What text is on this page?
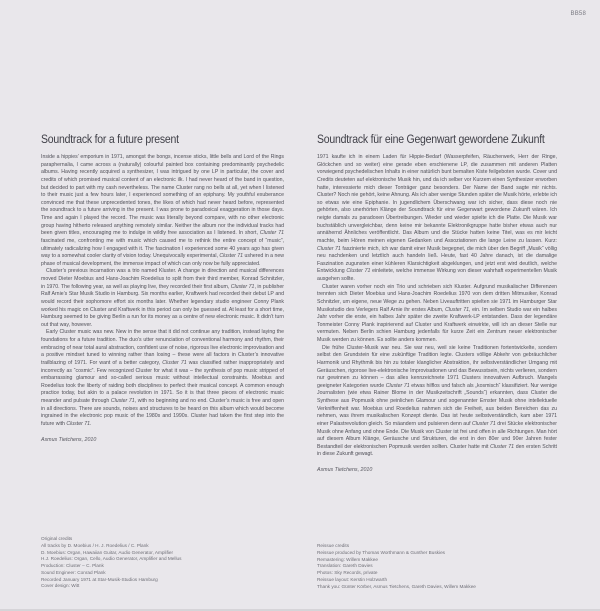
BB58
Soundtrack for a future present

Inside a hippies’ emporium in 1971, amongst the bongs, incense sticks, little bells and Lord of the Rings paraphernalia, I came across a (naturally) colourful painted box containing predominantly psychedelic albums. Having recently acquired a synthesizer, I was intrigued by one LP in particular, the cover and credits of which promised musical content of an electronic ilk. I had never heard of the band in question, but decided to part with my cash nevertheless. The name Cluster rang no bells at all, yet when I listened to their music just a few hours later, I experienced something of an epiphany. My youthful exuberance convinced me that these unprecedented tones, the likes of which had never heard before, represented the soundtrack to a future arriving in the present. I was prone to paradoxical exaggeration in those days. Time and again I played the record. The music was literally beyond compare, with no other electronic group having hitherto released anything remotely similar. Neither the album nor the individual tracks had been given titles, encouraging me to indulge in wildly free association as I listened. In short, Cluster 71 fascinated me, confronting me with music which caused me to rethink the entire concept of “music”, ultimately radicalizing how I engaged with it. The fascination I experienced some 40 years ago has given way to a somewhat cooler clarity of vision today. Unequivocally experimental, Cluster 71 ushered in a new phase of musical development, the immense impact of which can only now be fully appreciated.

Cluster’s previous incarnation was a trio named Kluster. A change in direction and musical differences moved Dieter Moebius and Hans-Joachim Roedelius to split from their third member, Konrad Schnitzler, in 1970. The following year, as well as playing live, they recorded their first album, Cluster 71, in publisher Ralf Arnie’s Star Musik Studio in Hamburg. Six months earlier, Kraftwerk had recorded their debut LP and would record their sophomore effort six months later. Whether legendary studio engineer Conny Plank worked his magic on Cluster and Kraftwerk in this period can only be guessed at. At least for a short time, Hamburg seemed to be giving Berlin a run for its money as a centre of new electronic music. It didn’t turn out that way, however.

Early Cluster music was new. New in the sense that it did not continue any tradition, instead laying the foundations for a future tradition. The duo’s utter renunciation of conventional harmony and rhythm, their embracing of near total aural abstraction, confident use of noise, rigorous live electronic improvisation and a positive mindset tuned to winning rather than losing – these were all factors in Cluster’s innovative trailblazing of 1971. For want of a better category, Cluster 71 was classified rather inappropriately and incorrectly as “cosmic”. Few recognized Cluster for what it was – the synthesis of pop music stripped of embarrassing glamour and so-called serious music without intellectual constraints. Moebius and Roedelius took the liberty of raiding both disciplines to perfect their musical concept. A common enough practice today, but akin to a palace revolution in 1971. So it is that three pieces of electronic music meander and pulsate through Cluster 71, with no beginning and no end. Cluster’s music is free and open in all directions. There are sounds, noises and structures to be heard on this album which would become ingrained in the electronic pop music of the 1980s and 1990s. Cluster had taken the first step into the future with Cluster 71.

Asmus Tietchens, 2010
Soundtrack für eine Gegenwart gewordene Zukunft

1971 kaufte ich in einem Laden für Hippie-Bedarf (Wasserpfeifen, Räucherwerk, Herr der Ringe, Glöckchen und so weiter) eine gerade eben erschienene LP, die zusammen mit anderen Platten vorwiegend psychedelischen Inhalts in einer natürlich bunt bemalten Kiste feilgeboten wurde. Cover und Credits deuteten auf elektronische Musik hin, und da ich selber vor Kurzem einen Synthesizer erworben hatte, interessierte mich dieser Tonträger ganz besonders. Der Name der Band sagte mir nichts. Cluster? Noch nie gehört, keine Ahnung. Als ich aber wenige Stunden später die Musik hörte, erlebte ich so etwas wie eine Epiphanie. In jugendlichem Überschwang war ich sicher, dass diese noch nie gehörten, also unerhörten Klänge der Soundtrack für eine Gegenwart gewordene Zukunft wären. Ich neigte damals zu paradoxen Übertreibungen. Wieder und wieder spielte ich die Platte. Die Musik war buchstäblich unvergleichbar, denn keine mir bekannte Elektronikgruppe hatte bisher etwas auch nur annähernd Ähnliches veröffentlicht. Das Album und die Stücke hatten keine Titel, was es mir leicht machte, beim Hören meinen eigenen Gedanken und Assoziationen die lange Leine zu lassen. Kurz: Cluster 71 faszinierte mich, ich war damit einer Musik begegnet, die mich über den Begriff „Musik“ völlig neu nachdenken und letztlich auch handeln ließ. Heute, fast 40 Jahre danach, ist die damalige Faszination zugunsten einer kühleren Klarsichtigkeit abgeklungen, und jetzt erst wird deutlich, welche Entwicklung Cluster 71 einleitete, welche immense Wirkung von dieser wahrhaft experimentellen Musik ausgehen sollte.

Cluster waren vorher noch ein Trio und schrieben sich Kluster. Aufgrund musikalischer Differenzen trennten sich Dieter Moebius und Hans-Joachim Roedelius 1970 von dem dritten Mitmusiker, Konrad Schnitzler, um eigene, neue Wege zu gehen. Neben Liveauftritten spielten sie 1971 im Hamburger Star Musikstudio des Verlegers Ralf Arnie ihr erstes Album, Cluster 71, ein. Im selben Studio war ein halbes Jahr vorher die erste, ein halbes Jahr später die zweite Kraftwerk-LP entstanden. Dass der legendäre Tonmeister Conny Plank inspirierend auf Cluster und Kraftwerk einwirkte, will ich an dieser Stelle nur vermuten. Neben Berlin schien Hamburg jedenfalls für kurze Zeit ein Zentrum neuer elektronischer Musik werden zu können. Es sollte anders kommen.

Die frühe Cluster-Musik war neu. Sie war neu, weil sie keine Traditionen fortentwickelte, sondern selbst den Grundstein für eine zukünftige Tradition legte. Clusters völlige Abkehr von gebräuchlicher Harmonik und Rhythmik bis hin zu totaler klanglicher Abstraktion, ihr selbstverständlicher Umgang mit Geräuschen, rigorose live-elektronische Improvisationen und das Bewusstsein, nichts verlieren, sondern nur gewinnen zu können – das alles kennzeichnete 1971 Clusters innovativen Aufbruch. Mangels geeigneter Kategorien wurde Cluster 71 etwas hilflos und falsch als „kosmisch“ klassifiziert. Nur wenige Journalisten (wie etwa Rainer Blome in der Musikzeitschrift „Sounds“) erkannten, dass Cluster die Synthese aus Popmusik ohne peinlichen Glamour und sogenannter Ernster Musik ohne intellektuelle Verkniffenheit war. Moebius und Roedelius nahmen sich die Freiheit, aus beiden Bereichen das zu nehmen, was ihrem musikalischen Konzept diente. Das ist heute selbstverständlich, kam aber 1971 einer Palastrevolution gleich. So mäandern und pulsieren denn auf Cluster 71 drei Stücke elektronischer Musik ohne Anfang und ohne Ende. Die Musik von Cluster ist frei und offen in alle Richtungen. Man hört auf diesem Album Klänge, Geräusche und Strukturen, die erst in den 80er und 90er Jahren fester Bestandteil der elektronischen Popmusik werden sollten. Cluster hatte mit Cluster 71 den ersten Schritt in diese Zukunft gewagt.

Asmus Tietchens, 2010
Original credits
All tracks by D. Moebius / H. J. Roedelius / C. Plank
D. Moebius: Organ, Hawaiian Guitar, Audio Generator, Amplifier
H.J. Roedelius: Organ, Cello, Audio Generator, Amplifier and Mellus
Production: Cluster – C. Plank
Sound Engineer: Conrad Plank
Recorded January 1971 at Star-Musik-Studios Hamburg
Cover design: Witt
Reissue credits
Reissue produced by Thomas Worthmann & Gunther Buskies
Remastering: Willem Makkee
Translation: Gareth Davies
Photos: Sky Records, private
Reissue layout: Kerstin Holzwarth
Thank you: Günter Körber, Asmus Tietchens, Gareth Davies, Willem Makkee
